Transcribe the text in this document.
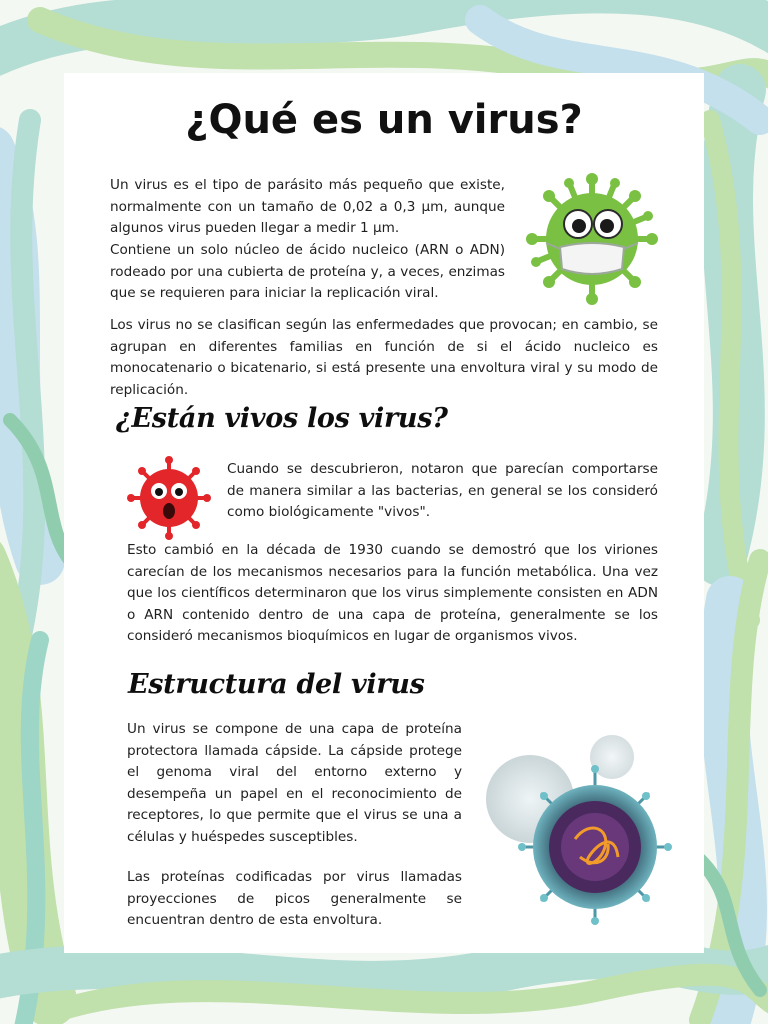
¿Qué es un virus?

Un virus es el tipo de parásito más pequeño que existe, normalmente con un tamaño de 0,02 a 0,3 µm, aunque algunos virus pueden llegar a medir 1 µm.

Contiene un solo núcleo de ácido nucleico (ARN o ADN) rodeado por una cubierta de proteína y, a veces, enzimas que se requieren para iniciar la replicación viral.

Los virus no se clasifican según las enfermedades que provocan; en cambio, se agrupan en diferentes familias en función de si el ácido nucleico es monocatenario o bicatenario, si está presente una envoltura viral y su modo de replicación.

¿Están vivos los virus?

Cuando se descubrieron, notaron que parecían comportarse de manera similar a las bacterias, en general se los consideró como biológicamente "vivos".

Esto cambió en la década de 1930 cuando se demostró que los viriones carecían de los mecanismos necesarios para la función metabólica. Una vez que los científicos determinaron que los virus simplemente consisten en ADN o ARN contenido dentro de una capa de proteína, generalmente se los consideró mecanismos bioquímicos en lugar de organismos vivos.

Estructura del virus

Un virus se compone de una capa de proteína protectora llamada cápside. La cápside protege el genoma viral del entorno externo y desempeña un papel en el reconocimiento de receptores, lo que permite que el virus se una a células y huéspedes susceptibles.

Las proteínas codificadas por virus llamadas proyecciones de picos generalmente se encuentran dentro de esta envoltura.
